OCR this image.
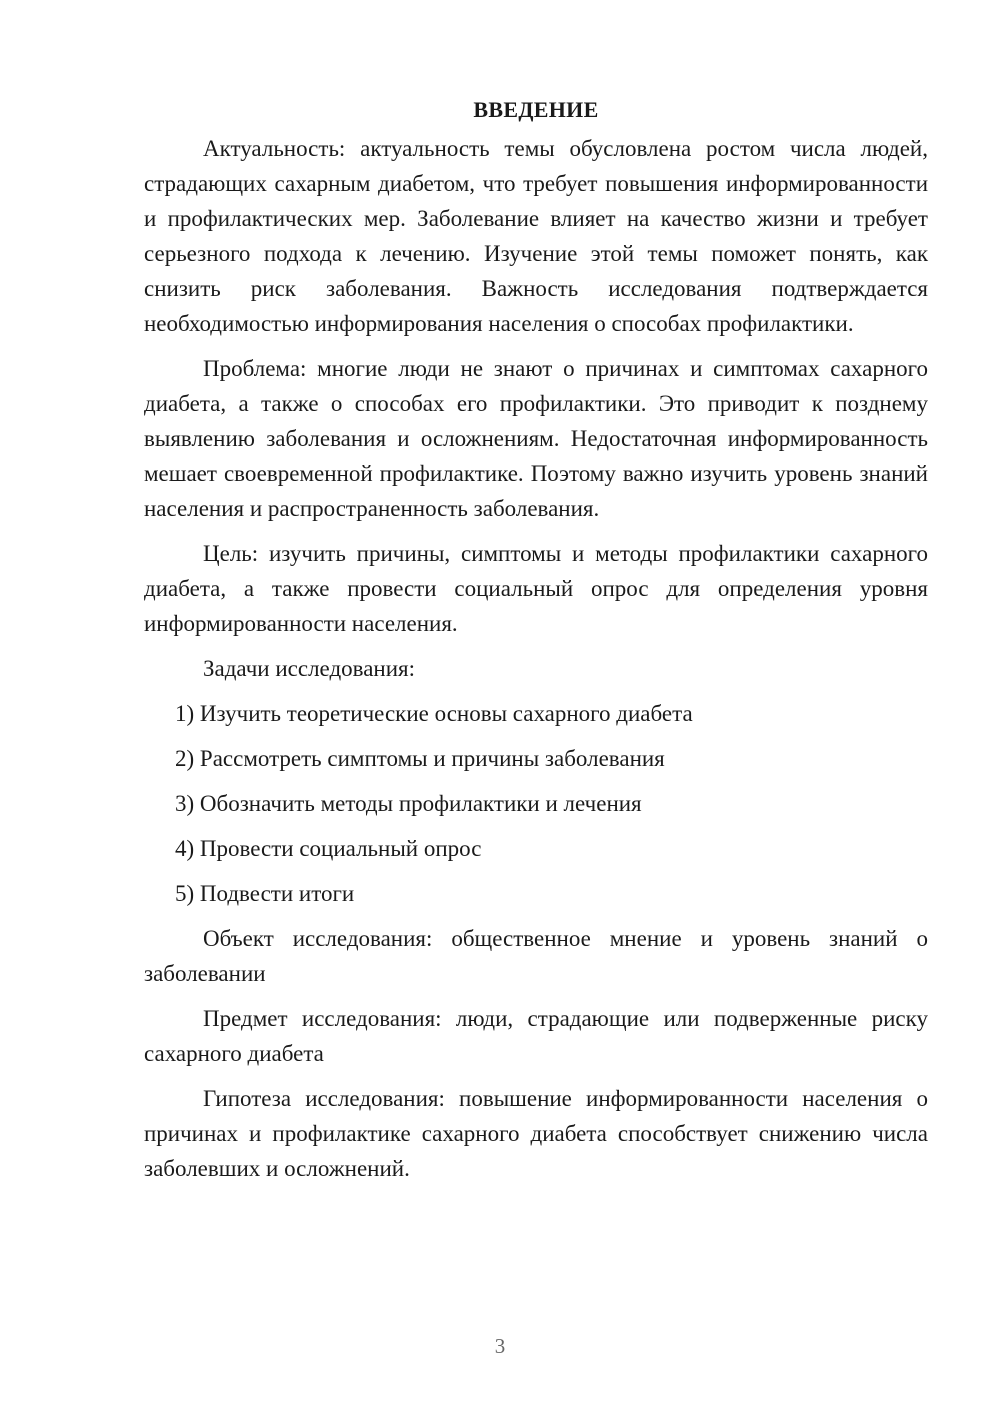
ВВЕДЕНИЕ

Актуальность: актуальность темы обусловлена ростом числа людей, страдающих сахарным диабетом, что требует повышения информированности и профилактических мер. Заболевание влияет на качество жизни и требует серьезного подхода к лечению. Изучение этой темы поможет понять, как снизить риск заболевания. Важность исследования подтверждается необходимостью информирования населения о способах профилактики.

Проблема: многие люди не знают о причинах и симптомах сахарного диабета, а также о способах его профилактики. Это приводит к позднему выявлению заболевания и осложнениям. Недостаточная информированность мешает своевременной профилактике. Поэтому важно изучить уровень знаний населения и распространенность заболевания.

Цель: изучить причины, симптомы и методы профилактики сахарного диабета, а также провести социальный опрос для определения уровня информированности населения.

Задачи исследования:

1) Изучить теоретические основы сахарного диабета
2) Рассмотреть симптомы и причины заболевания
3) Обозначить методы профилактики и лечения
4) Провести социальный опрос
5) Подвести итоги

Объект исследования: общественное мнение и уровень знаний о заболевании

Предмет исследования: люди, страдающие или подверженные риску сахарного диабета

Гипотеза исследования: повышение информированности населения о причинах и профилактике сахарного диабета способствует снижению числа заболевших и осложнений.

3
